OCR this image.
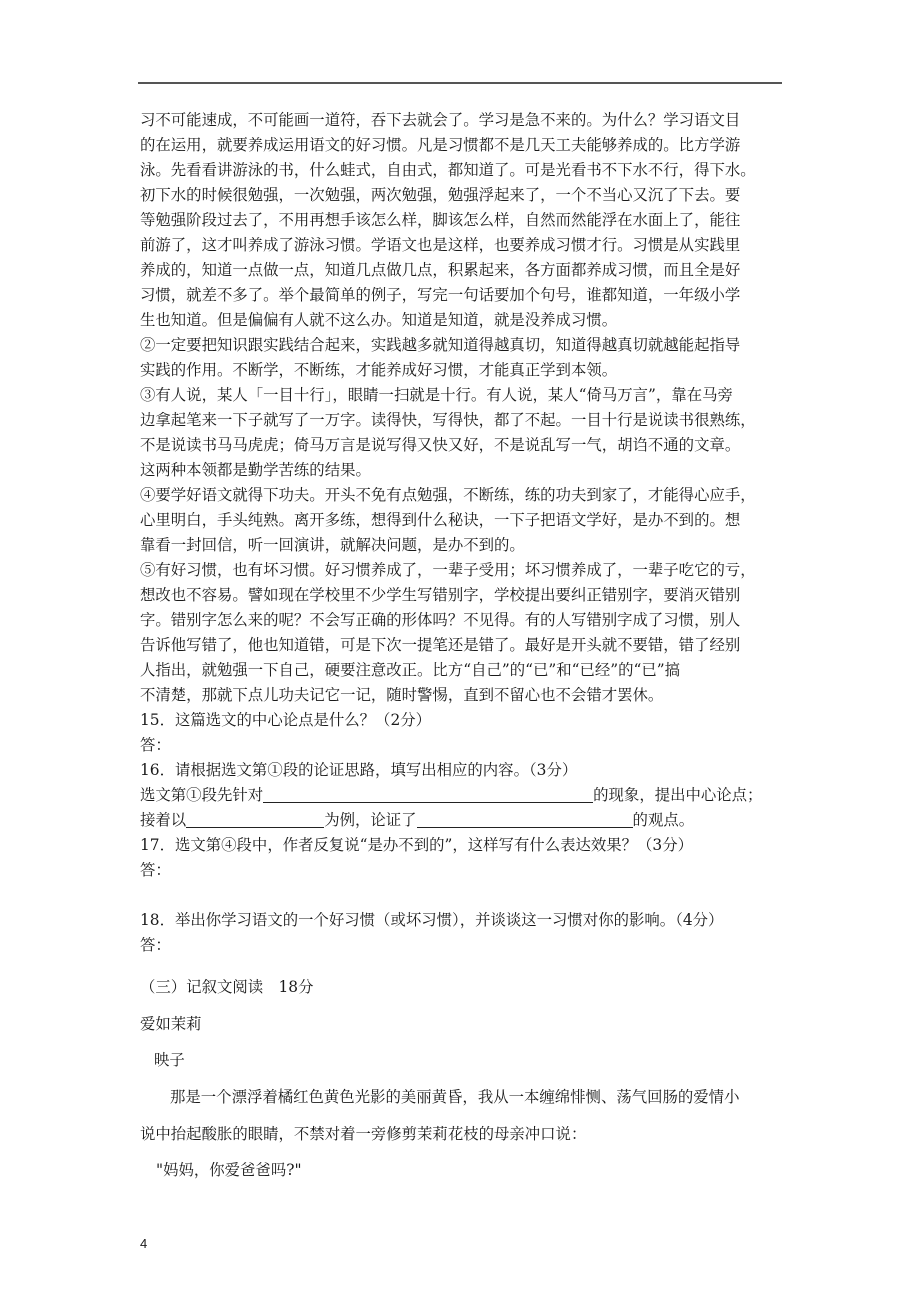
习不可能速成，不可能画一道符，吞下去就会了。学习是急不来的。为什么？学习语文目
的在运用，就要养成运用语文的好习惯。凡是习惯都不是几天工夫能够养成的。比方学游
泳。先看看讲游泳的书，什么蛙式，自由式，都知道了。可是光看书不下水不行，得下水。
初下水的时候很勉强，一次勉强，两次勉强，勉强浮起来了，一个不当心又沉了下去。要
等勉强阶段过去了，不用再想手该怎么样，脚该怎么样，自然而然能浮在水面上了，能往
前游了，这才叫养成了游泳习惯。学语文也是这样，也要养成习惯才行。习惯是从实践里
养成的，知道一点做一点，知道几点做几点，积累起来，各方面都养成习惯，而且全是好
习惯，就差不多了。举个最简单的例子，写完一句话要加个句号，谁都知道，一年级小学
生也知道。但是偏偏有人就不这么办。知道是知道，就是没养成习惯。
②一定要把知识跟实践结合起来，实践越多就知道得越真切，知道得越真切就越能起指导
实践的作用。不断学，不断练，才能养成好习惯，才能真正学到本领。
③有人说，某人「一目十行」，眼睛一扫就是十行。有人说，某人“倚马万言”，靠在马旁
边拿起笔来一下子就写了一万字。读得快，写得快，都了不起。一目十行是说读书很熟练，
不是说读书马马虎虎；倚马万言是说写得又快又好，不是说乱写一气，胡诌不通的文章。
这两种本领都是勤学苦练的结果。
④要学好语文就得下功夫。开头不免有点勉强，不断练，练的功夫到家了，才能得心应手，
心里明白，手头纯熟。离开多练，想得到什么秘诀，一下子把语文学好，是办不到的。想
靠看一封回信，听一回演讲，就解决问题，是办不到的。
⑤有好习惯，也有坏习惯。好习惯养成了，一辈子受用；坏习惯养成了，一辈子吃它的亏，
想改也不容易。譬如现在学校里不少学生写错别字，学校提出要纠正错别字，要消灭错别
字。错别字怎么来的呢？不会写正确的形体吗？不见得。有的人写错别字成了习惯，别人
告诉他写错了，他也知道错，可是下次一提笔还是错了。最好是开头就不要错，错了经别
人指出，就勉强一下自己，硬要注意改正。比方“自己”的“已”和“已经”的“已”搞
不清楚，那就下点儿功夫记它一记，随时警惕，直到不留心也不会错才罢休。
15．这篇选文的中心论点是什么？（2分）
答：
16．请根据选文第①段的论证思路，填写出相应的内容。（3分）
选文第①段先针对	的现象，提出中心论点；
接着以	为例，论证了	的观点。
17．选文第④段中，作者反复说“是办不到的”，这样写有什么表达效果？（3分）
答：
18．举出你学习语文的一个好习惯（或坏习惯），并谈谈这一习惯对你的影响。（4分）
答：
（三）记叙文阅读　18分
爱如茉莉
映子
那是一个漂浮着橘红色黄色光影的美丽黄昏，我从一本缠绵悱恻、荡气回肠的爱情小
说中抬起酸胀的眼睛，不禁对着一旁修剪茉莉花枝的母亲冲口说：
"妈妈，你爱爸爸吗?"
4
